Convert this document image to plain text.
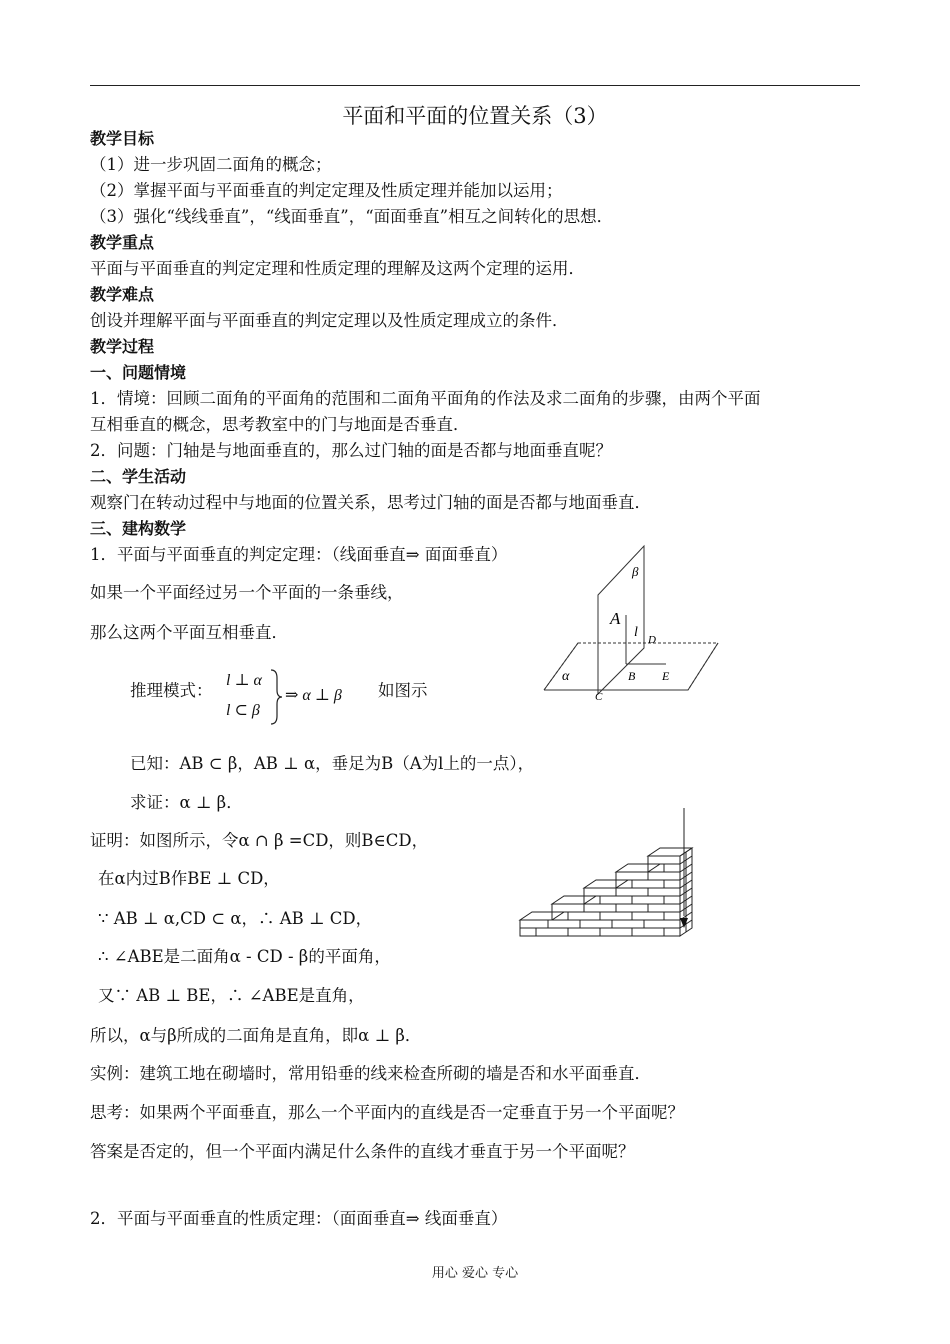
平面和平面的位置关系（3）
教学目标
（1）进一步巩固二面角的概念；
（2）掌握平面与平面垂直的判定定理及性质定理并能加以运用；
（3）强化“线线垂直”，“线面垂直”，“面面垂直”相互之间转化的思想．
教学重点
平面与平面垂直的判定定理和性质定理的理解及这两个定理的运用．
教学难点
创设并理解平面与平面垂直的判定定理以及性质定理成立的条件．
教学过程
一、问题情境
1．情境：回顾二面角的平面角的范围和二面角平面角的作法及求二面角的步骤，由两个平面
互相垂直的概念，思考教室中的门与地面是否垂直．
2．问题：门轴是与地面垂直的，那么过门轴的面是否都与地面垂直呢？
二、学生活动
观察门在转动过程中与地面的位置关系，思考过门轴的面是否都与地面垂直．
三、建构数学
1．平面与平面垂直的判定定理：（线面垂直⇒ 面面垂直）
如果一个平面经过另一个平面的一条垂线，
那么这两个平面互相垂直．
β
A
l D
α	B E
C
推理模式：
l ⊥ α
l ⊂ β
⇒ α ⊥ β 如图示
已知：AB ⊂ β，AB ⊥ α，垂足为B（A为l上的一点），
求证：α ⊥ β．
证明：如图所示，令α ∩ β =CD，则B∈CD，
在α内过B作BE ⊥ CD，
∵ AB ⊥ α,CD ⊂ α，∴ AB ⊥ CD，
∴ ∠ABE是二面角α - CD - β的平面角，
又∵ AB ⊥ BE，∴ ∠ABE是直角，
所以，α与β所成的二面角是直角，即α ⊥ β．
实例：建筑工地在砌墙时，常用铅垂的线来检查所砌的墙是否和水平面垂直．
思考：如果两个平面垂直，那么一个平面内的直线是否一定垂直于另一个平面呢？
答案是否定的，但一个平面内满足什么条件的直线才垂直于另一个平面呢？
2．平面与平面垂直的性质定理：（面面垂直⇒ 线面垂直）
用心 爱心 专心
